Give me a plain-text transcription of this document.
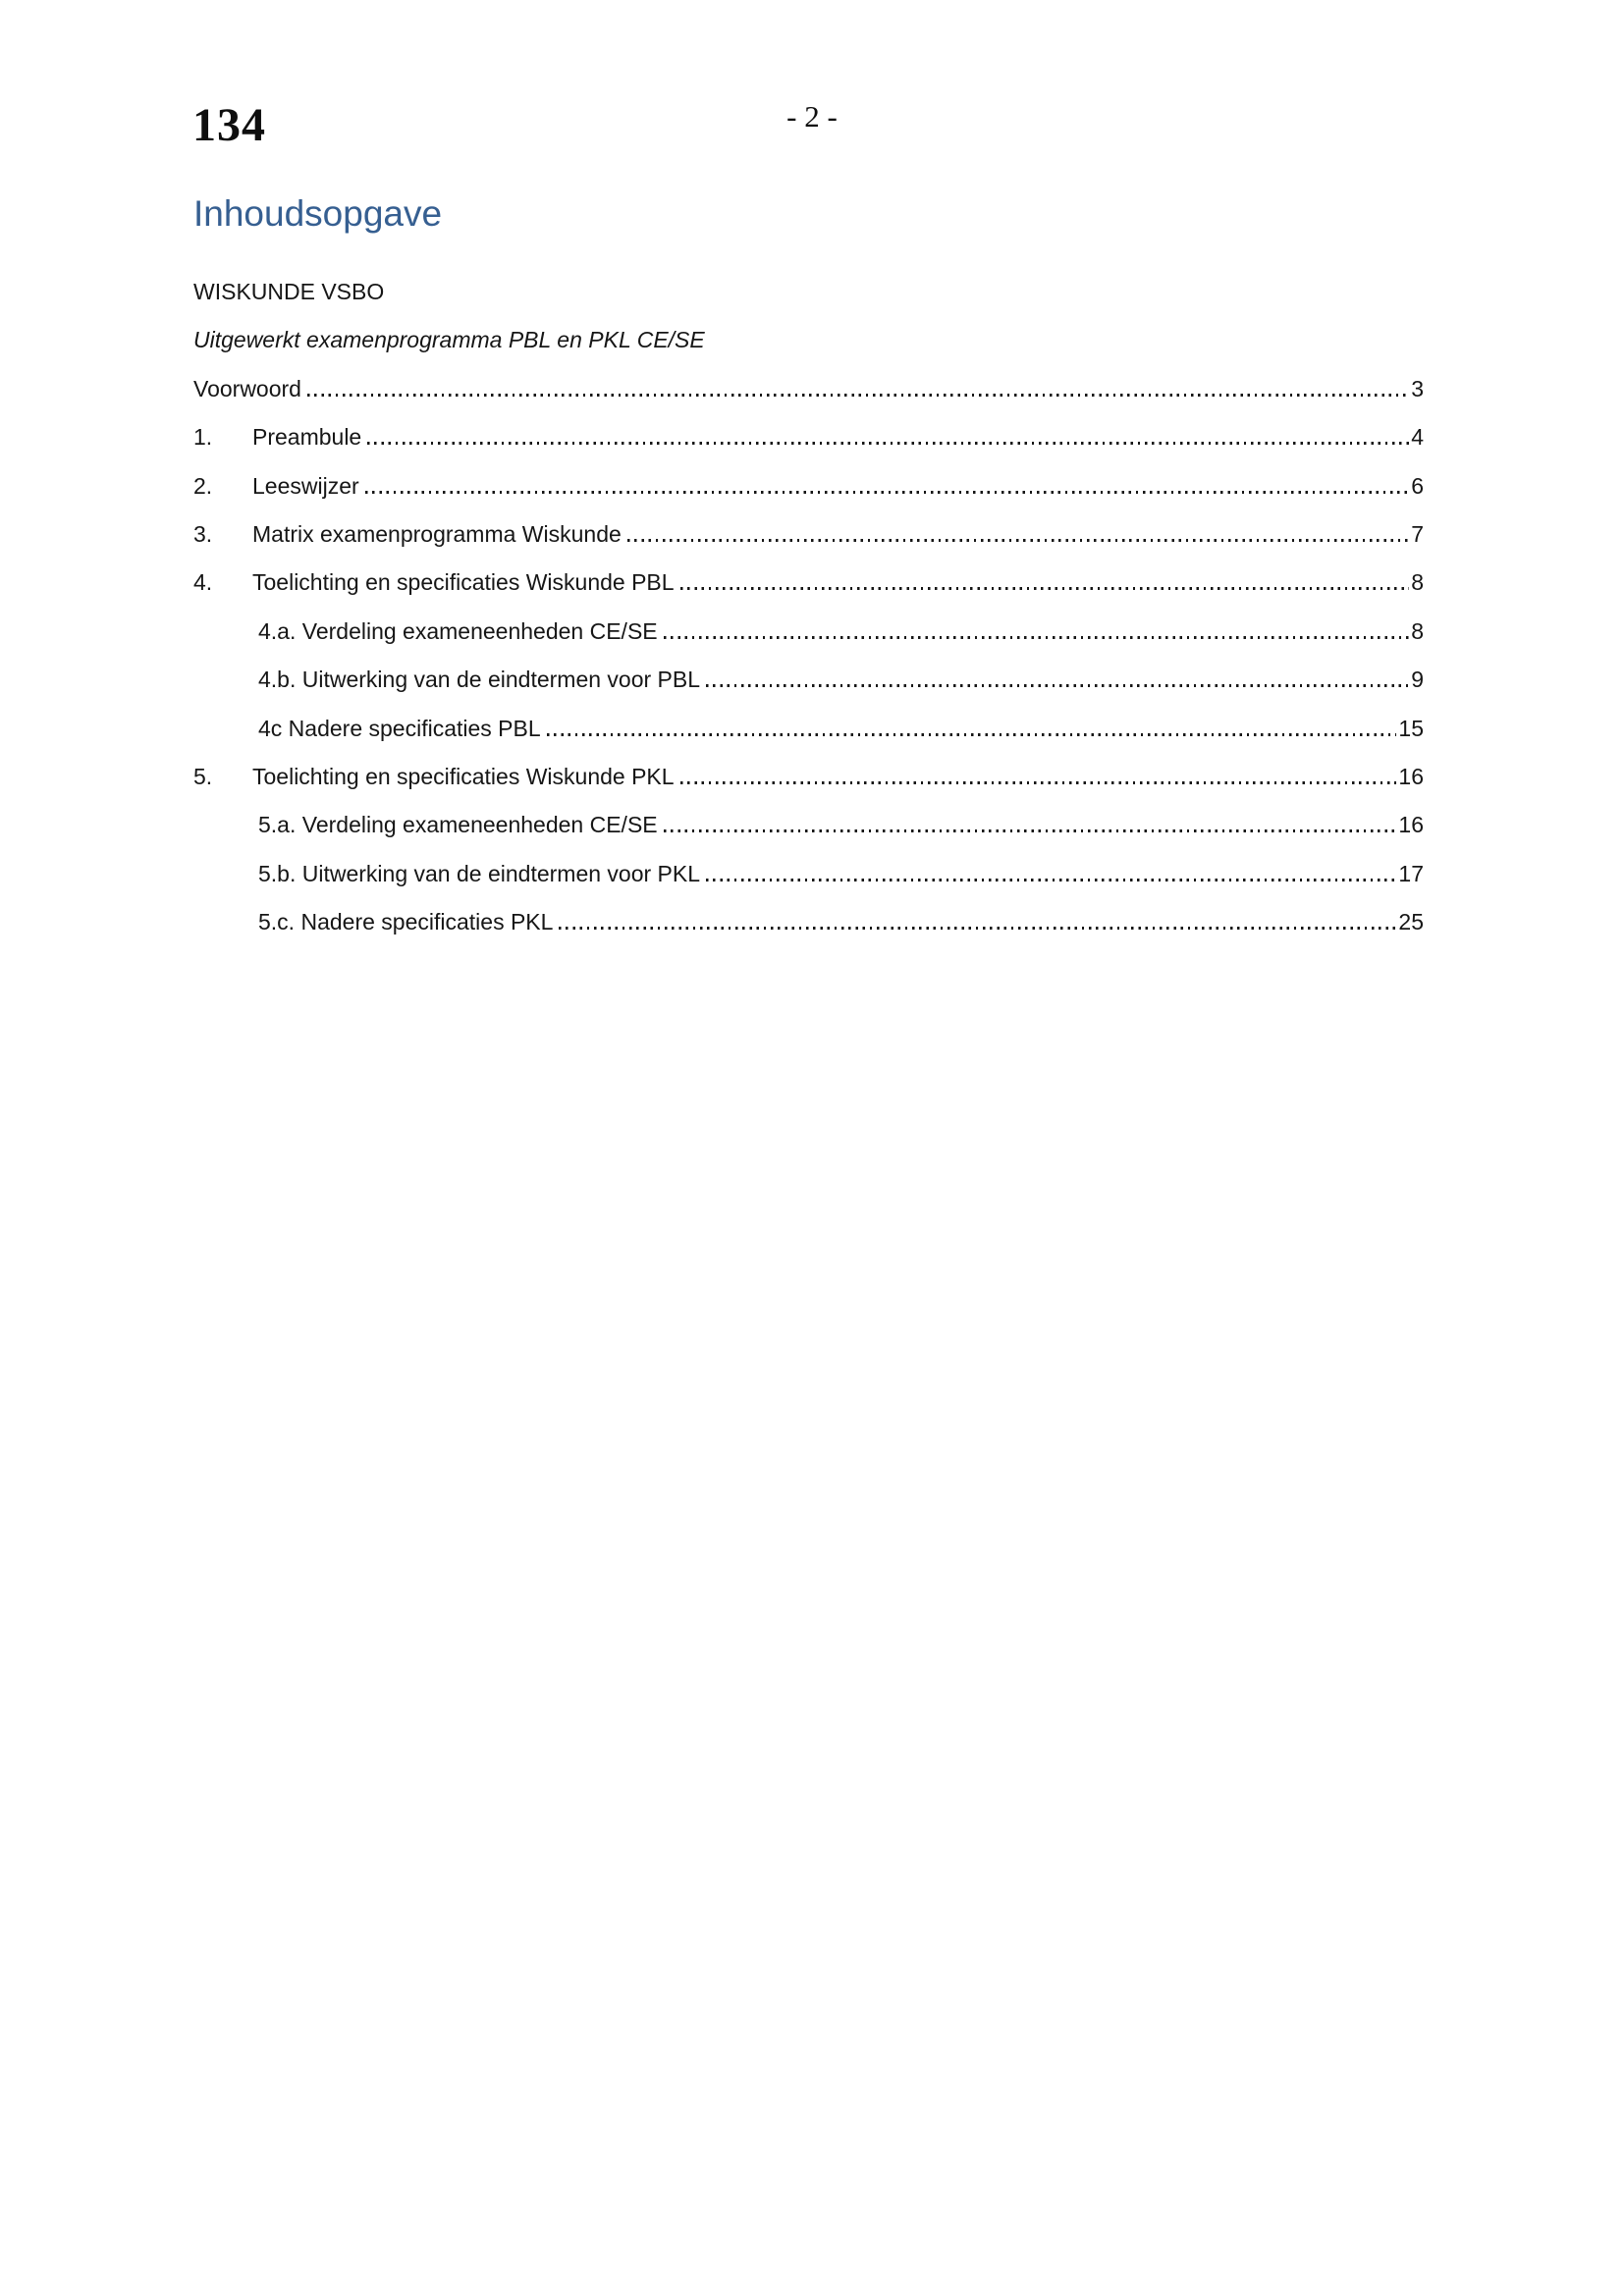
134	- 2 -
Inhoudsopgave
WISKUNDE VSBO
Uitgewerkt examenprogramma PBL en PKL CE/SE
Voorwoord	3
1.	Preambule	4
2.	Leeswijzer	6
3.	Matrix examenprogramma Wiskunde	7
4.	Toelichting en specificaties Wiskunde PBL	8
4.a. Verdeling exameneenheden CE/SE	8
4.b. Uitwerking van de eindtermen voor PBL	9
4c Nadere specificaties PBL	15
5.	Toelichting en specificaties Wiskunde PKL	16
5.a. Verdeling exameneenheden CE/SE	16
5.b. Uitwerking van de eindtermen voor PKL	17
5.c. Nadere specificaties PKL	25
